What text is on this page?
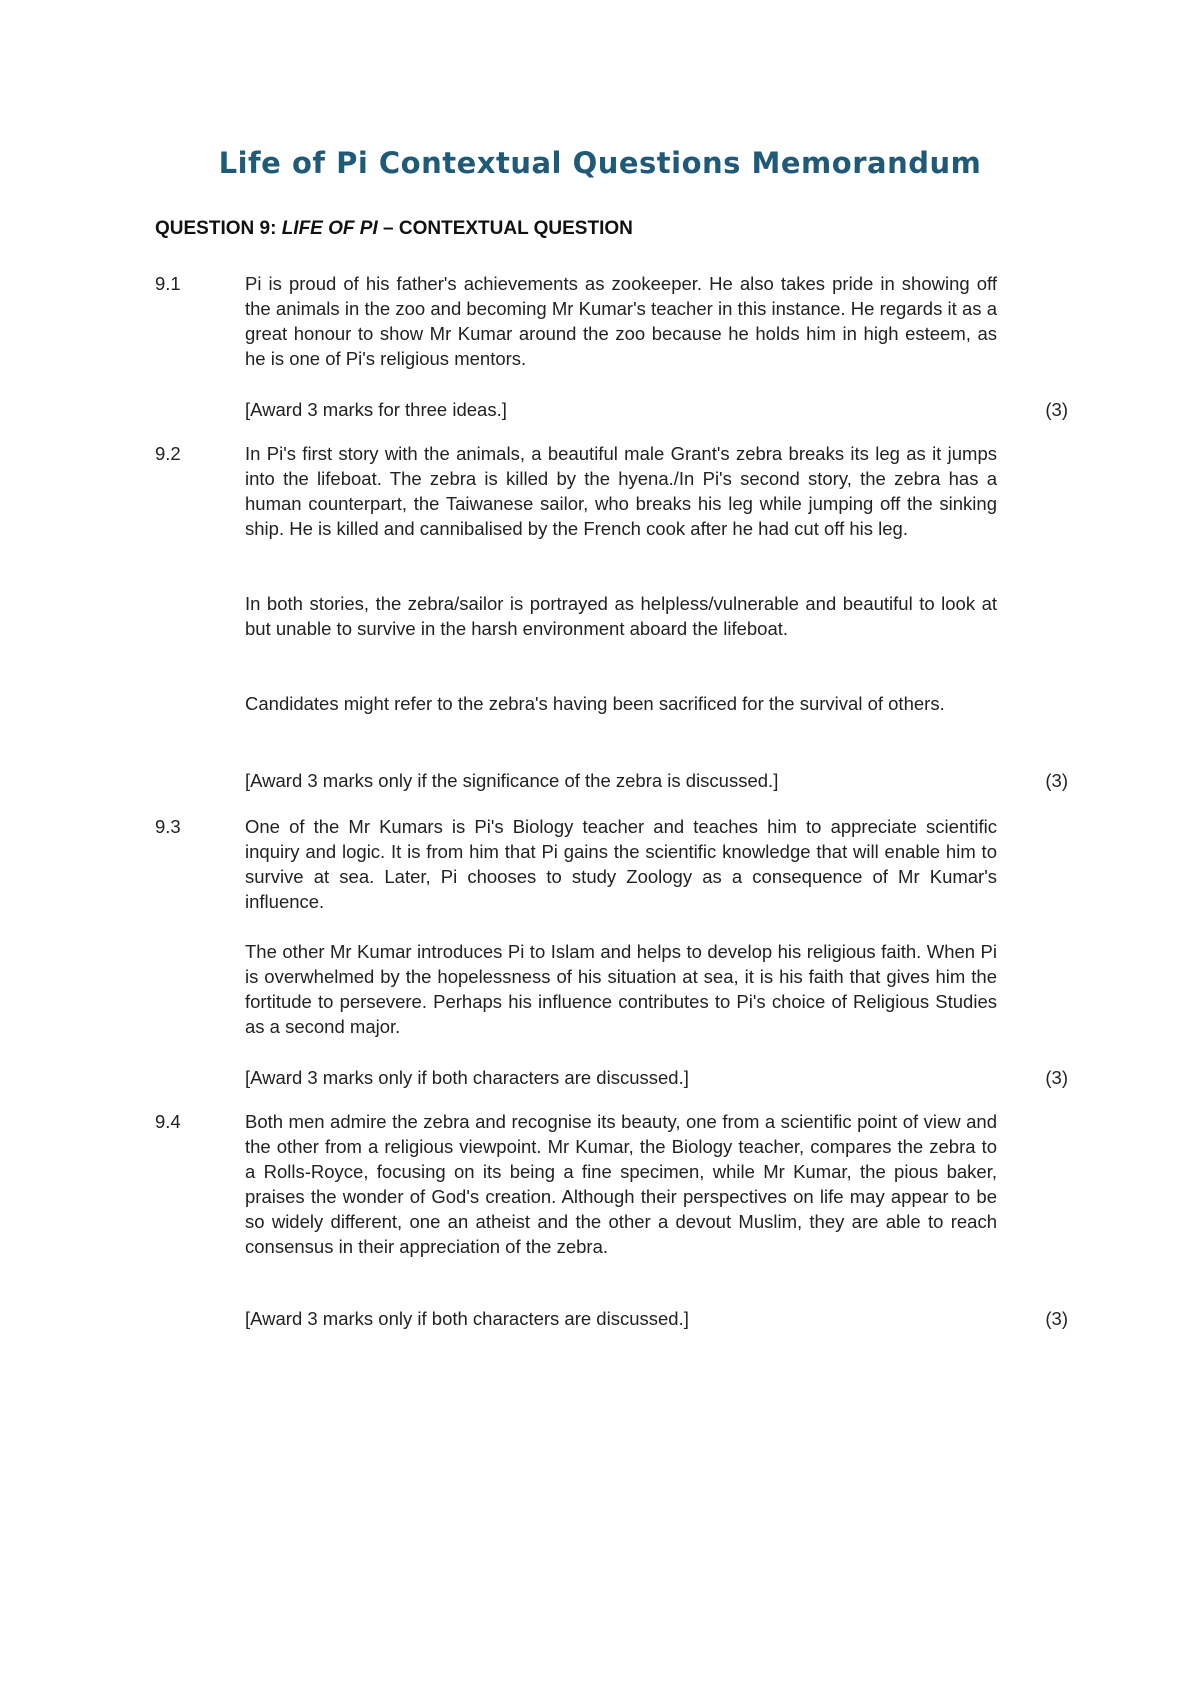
Life of Pi Contextual Questions Memorandum
QUESTION 9: LIFE OF PI – CONTEXTUAL QUESTION
9.1	Pi is proud of his father's achievements as zookeeper. He also takes pride in showing off the animals in the zoo and becoming Mr Kumar's teacher in this instance. He regards it as a great honour to show Mr Kumar around the zoo because he holds him in high esteem, as he is one of Pi's religious mentors.

[Award 3 marks for three ideas.]	(3)
9.2	In Pi's first story with the animals, a beautiful male Grant's zebra breaks its leg as it jumps into the lifeboat. The zebra is killed by the hyena./In Pi's second story, the zebra has a human counterpart, the Taiwanese sailor, who breaks his leg while jumping off the sinking ship. He is killed and cannibalised by the French cook after he had cut off his leg.

In both stories, the zebra/sailor is portrayed as helpless/vulnerable and beautiful to look at but unable to survive in the harsh environment aboard the lifeboat.

Candidates might refer to the zebra's having been sacrificed for the survival of others.

[Award 3 marks only if the significance of the zebra is discussed.]	(3)
9.3	One of the Mr Kumars is Pi's Biology teacher and teaches him to appreciate scientific inquiry and logic. It is from him that Pi gains the scientific knowledge that will enable him to survive at sea. Later, Pi chooses to study Zoology as a consequence of Mr Kumar's influence.

The other Mr Kumar introduces Pi to Islam and helps to develop his religious faith. When Pi is overwhelmed by the hopelessness of his situation at sea, it is his faith that gives him the fortitude to persevere. Perhaps his influence contributes to Pi's choice of Religious Studies as a second major.

[Award 3 marks only if both characters are discussed.]	(3)
9.4	Both men admire the zebra and recognise its beauty, one from a scientific point of view and the other from a religious viewpoint. Mr Kumar, the Biology teacher, compares the zebra to a Rolls-Royce, focusing on its being a fine specimen, while Mr Kumar, the pious baker, praises the wonder of God's creation. Although their perspectives on life may appear to be so widely different, one an atheist and the other a devout Muslim, they are able to reach consensus in their appreciation of the zebra.

[Award 3 marks only if both characters are discussed.]	(3)
